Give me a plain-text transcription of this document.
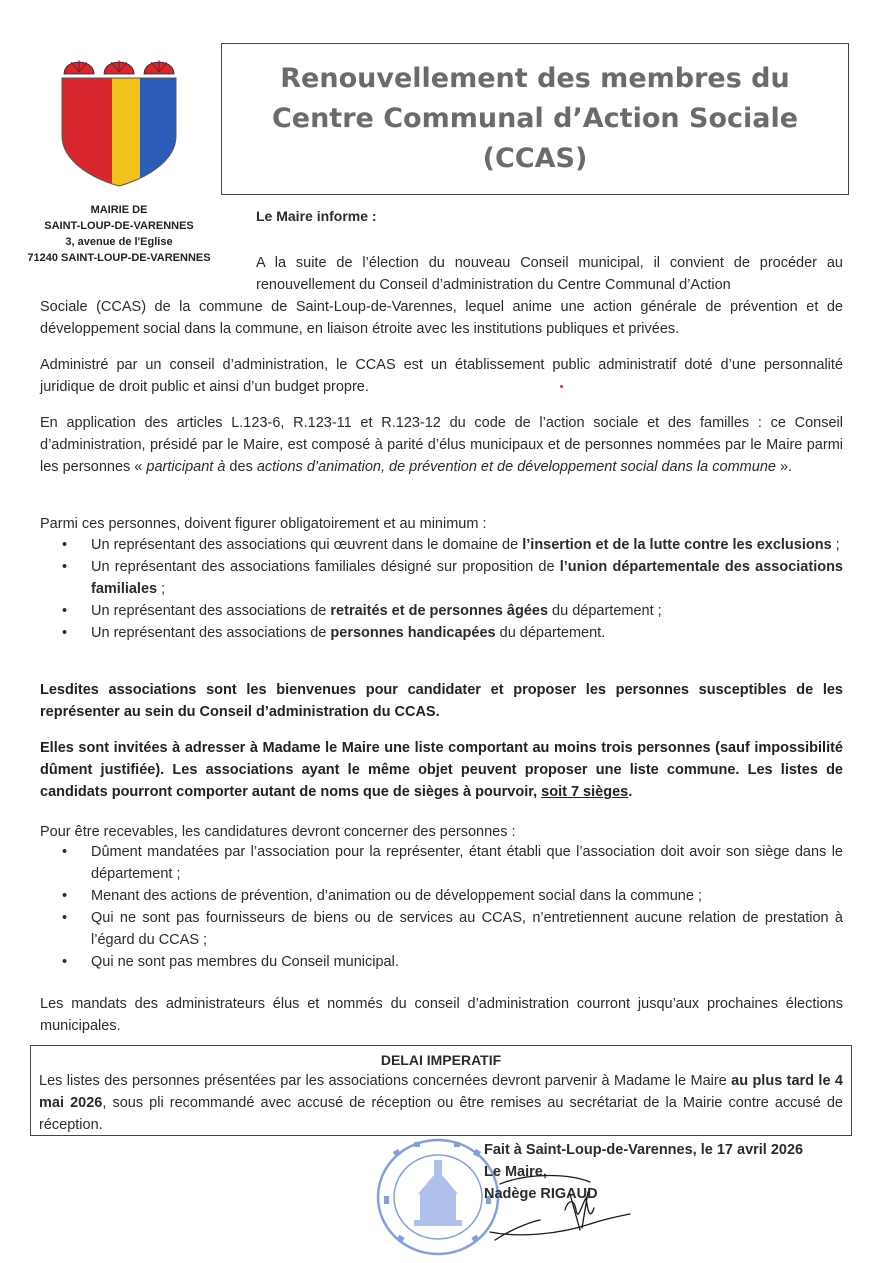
MAIRIE DE
SAINT-LOUP-DE-VARENNES
3, avenue de l'Eglise
71240 SAINT-LOUP-DE-VARENNES
Renouvellement des membres du Centre Communal d’Action Sociale (CCAS)
Le Maire informe :

A la suite de l’élection du nouveau Conseil municipal, il convient de procéder au renouvellement du Conseil d’administration du Centre Communal d’Action

Sociale (CCAS) de la commune de Saint-Loup-de-Varennes, lequel anime une action générale de prévention et de développement social dans la commune, en liaison étroite avec les institutions publiques et privées.

Administré par un conseil d’administration, le CCAS est un établissement public administratif doté d’une personnalité juridique de droit public et ainsi d’un budget propre.

En application des articles L.123-6, R.123-11 et R.123-12 du code de l’action sociale et des familles : ce Conseil d’administration, présidé par le Maire, est composé à parité d’élus municipaux et de personnes nommées par le Maire parmi les personnes « participant à des actions d’animation, de prévention et de développement social dans la commune ».

Parmi ces personnes, doivent figurer obligatoirement et au minimum :

• Un représentant des associations qui œuvrent dans le domaine de l’insertion et de la lutte contre les exclusions ;
• Un représentant des associations familiales désigné sur proposition de l’union départementale des associations familiales ;
• Un représentant des associations de retraités et de personnes âgées du département ;
• Un représentant des associations de personnes handicapées du département.

Lesdites associations sont les bienvenues pour candidater et proposer les personnes susceptibles de les représenter au sein du Conseil d’administration du CCAS.

Elles sont invitées à adresser à Madame le Maire une liste comportant au moins trois personnes (sauf impossibilité dûment justifiée). Les associations ayant le même objet peuvent proposer une liste commune. Les listes de candidats pourront comporter autant de noms que de sièges à pourvoir, soit 7 sièges.

Pour être recevables, les candidatures devront concerner des personnes :

• Dûment mandatées par l’association pour la représenter, étant établi que l’association doit avoir son siège dans le département ;
• Menant des actions de prévention, d’animation ou de développement social dans la commune ;
• Qui ne sont pas fournisseurs de biens ou de services au CCAS, n’entretiennent aucune relation de prestation à l’égard du CCAS ;
• Qui ne sont pas membres du Conseil municipal.

Les mandats des administrateurs élus et nommés du conseil d’administration courront jusqu’aux prochaines élections municipales.

DELAI IMPERATIF
Les listes des personnes présentées par les associations concernées devront parvenir à Madame le Maire au plus tard le 4 mai 2026, sous pli recommandé avec accusé de réception ou être remises au secrétariat de la Mairie contre accusé de réception.
Fait à Saint-Loup-de-Varennes, le 17 avril 2026
Le Maire,
Nadège RIGAUD
